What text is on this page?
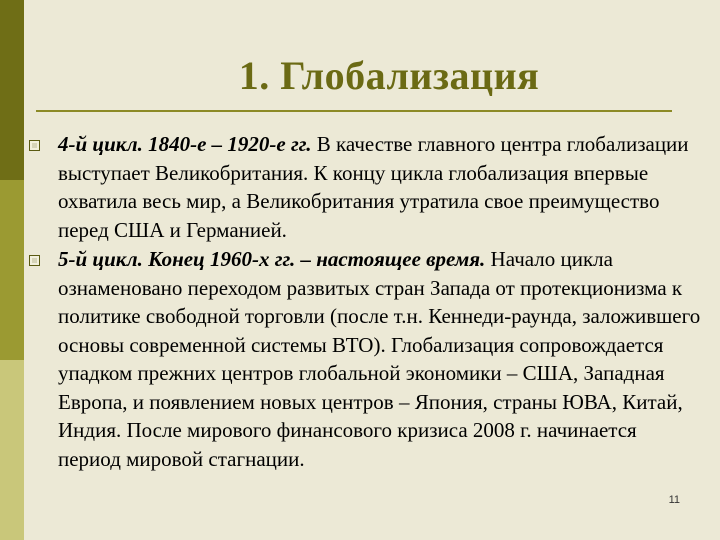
1. Глобализация

4-й цикл. 1840-е – 1920-е гг. В качестве главного центра глобализации выступает Великобритания. К концу цикла глобализация впервые охватила весь мир, а Великобритания утратила свое преимущество перед США и Германией.

5-й цикл. Конец 1960-х гг. – настоящее время. Начало цикла ознаменовано переходом развитых стран Запада от протекционизма к политике свободной торговли (после т.н. Кеннеди-раунда, заложившего основы современной системы ВТО). Глобализация сопровождается упадком прежних центров глобальной экономики – США, Западная Европа, и появлением новых центров – Япония, страны ЮВА, Китай, Индия. После мирового финансового кризиса 2008 г. начинается период мировой стагнации.

11
